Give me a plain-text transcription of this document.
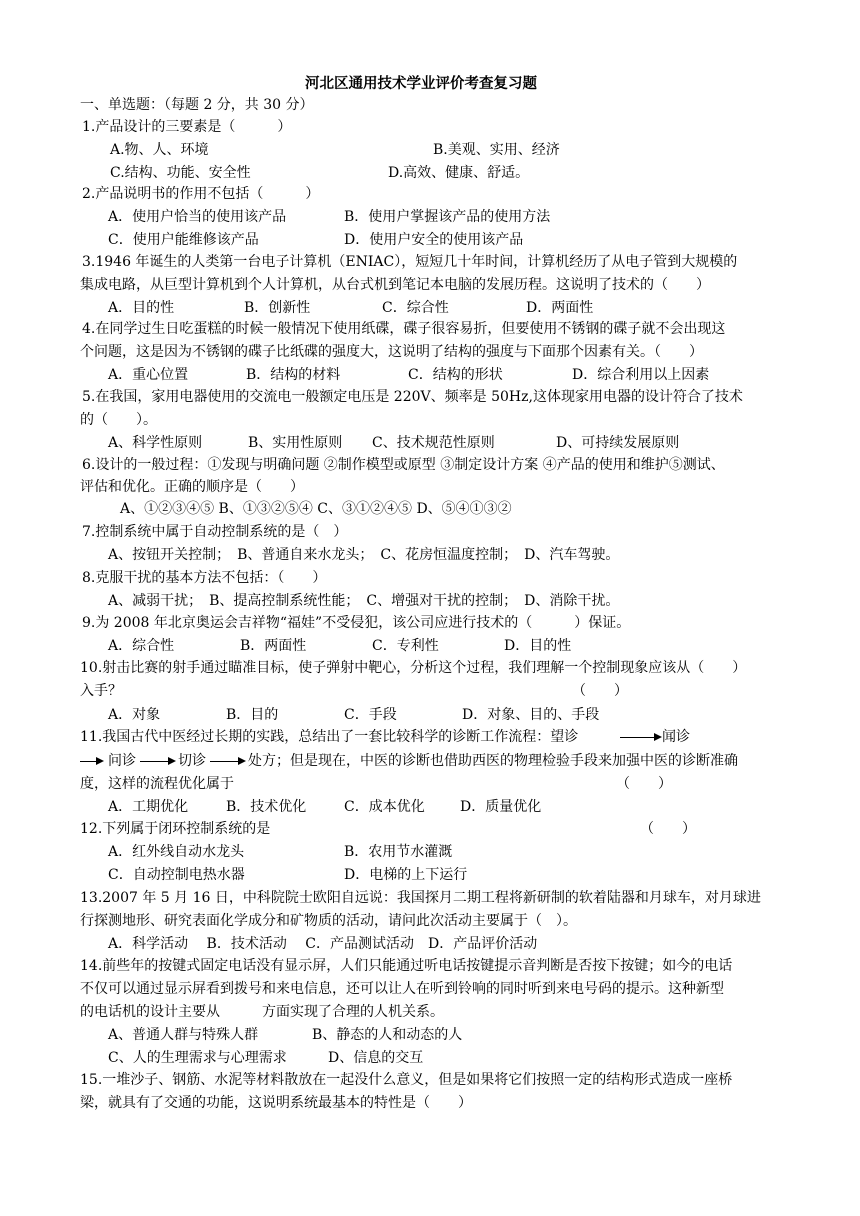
河北区通用技术学业评价考查复习题
一、单选题：（每题 2 分，共 30 分）
1.产品设计的三要素是（　　　）
A.物、人、环境	B.美观、实用、经济
C.结构、功能、安全性	D.高效、健康、舒适。
2.产品说明书的作用不包括（　　　）
A．使用户恰当的使用该产品	B．使用户掌握该产品的使用方法
C．使用户能维修该产品	D．使用户安全的使用该产品
3.1946 年诞生的人类第一台电子计算机（ENIAC），短短几十年时间，计算机经历了从电子管到大规模的
集成电路，从巨型计算机到个人计算机，从台式机到笔记本电脑的发展历程。这说明了技术的（　　）
A．目的性	B．创新性	C．综合性	D．两面性
4.在同学过生日吃蛋糕的时候一般情况下使用纸碟，碟子很容易折，但要使用不锈钢的碟子就不会出现这
个问题，这是因为不锈钢的碟子比纸碟的强度大，这说明了结构的强度与下面那个因素有关。（　　）
A．重心位置	B．结构的材料	C．结构的形状	D．综合利用以上因素
5.在我国，家用电器使用的交流电一般额定电压是 220V、频率是 50Hz,这体现家用电器的设计符合了技术
的（　　）。
A、科学性原则	B、实用性原则 C、技术规范性原则	D、可持续发展原则
6.设计的一般过程：①发现与明确问题 ②制作模型或原型 ③制定设计方案 ④产品的使用和维护⑤测试、
评估和优化。正确的顺序是（　　）
A、①②③④⑤ B、①③②⑤④ C、③①②④⑤ D、⑤④①③②
7.控制系统中属于自动控制系统的是（　）
A、按钮开关控制；　B、普通自来水龙头；　C、花房恒温度控制；　D、汽车驾驶。
8.克服干扰的基本方法不包括：（　　）
A、减弱干扰；　B、提高控制系统性能；　C、增强对干扰的控制；　D、消除干扰。
9.为 2008 年北京奥运会吉祥物“福娃”不受侵犯，该公司应进行技术的（　　　）保证。
A．综合性	B．两面性	C．专利性	D．目的性
10.射击比赛的射手通过瞄准目标，使子弹射中靶心，分析这个过程，我们理解一个控制现象应该从（　　）
入手？	（　　）
A．对象	B．目的	C．手段	D．对象、目的、手段
11.我国古代中医经过长期的实践，总结出了一套比较科学的诊断工作流程：望诊	闻诊
问诊	切诊	处方；但是现在，中医的诊断也借助西医的物理检验手段来加强中医的诊断准确
度，这样的流程优化属于	（　　）
A．工期优化	B．技术优化	C．成本优化	D．质量优化
12.下列属于闭环控制系统的是	（　　）
A．红外线自动水龙头	B．农用节水灌溉
C．自动控制电热水器	D．电梯的上下运行
13.2007 年 5 月 16 日，中科院院士欧阳自远说：我国探月二期工程将新研制的软着陆器和月球车，对月球进
行探测地形、研究表面化学成分和矿物质的活动，请问此次活动主要属于（　）。
A．科学活动　 B．技术活动　 C．产品测试活动　D．产品评价活动
14.前些年的按键式固定电话没有显示屏，人们只能通过听电话按键提示音判断是否按下按键；如今的电话
不仅可以通过显示屏看到拨号和来电信息，还可以让人在听到铃响的同时听到来电号码的提示。这种新型
的电话机的设计主要从　　　方面实现了合理的人机关系。
A、普通人群与特殊人群	B、静态的人和动态的人
C、人的生理需求与心理需求	D、信息的交互
15.一堆沙子、钢筋、水泥等材料散放在一起没什么意义，但是如果将它们按照一定的结构形式造成一座桥
梁，就具有了交通的功能，这说明系统最基本的特性是（　　）
